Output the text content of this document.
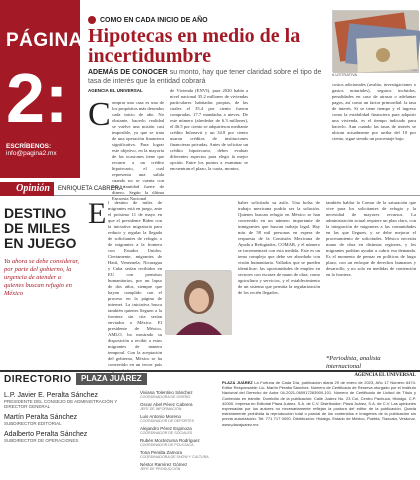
PÁGINA
2:
ESCRÍBENOS: info@pagina2.mx
COMO EN CADA INICIO DE AÑO
Hipotecas en medio de la incertidumbre

ADEMÁS DE CONOCER su monto, hay que tener claridad sobre el tipo de tasa de interés que la entidad cobrará

AGENCIA EL UNIVERSAL
ILUSTRATIVA
C omprar una casa es una de los propósitos más deseados cada inicio de año. No obstante, hacerlo realidad se vuelve una misión casi imposible, ya que se trata de una operación financiera significativa. Para lograr este objetivo, en la mayoría de las ocasiones tiene que recurrir a un crédito hipotecario, el cual representa una salida cuando no se cuenta con una cantidad fuerte de dinero. Según la última Encuesta Nacional

de Vivienda (ENVI), para 2020 había a nivel nacional 35.2 millones de viviendas particulares habitadas propias, de las cuales el 35.4 por ciento fueron compradas, 17.7 mandadas a nieves. De este número (alrededor de 6.3 millones), el 46.5 por ciento se adquirieron mediante crédito Infonavit y un 34.8 por ciento usaron créditos de instituciones financieras privadas. Antes de solicitar un crédito hipotecario, debes evaluar diferentes aspectos para elegir la mejor opción. Entre los puntos a examinar se encuentran el plazo, la cuota, montos,

costos adicionales (avalúo, investigaciones o gastos notariales), seguros incluidos, penalidades en caso de atrasar o adelantar pagos, así como un factor primordial: la tasa de interés. Si se tiene tiempo y el ingreso como la estabilidad financiera para adquirir una vivienda, es el tiempo indicado para hacerlo. Aun cuando las tasas de interés se ubican actualmente por arriba del 10 por ciento, sigue siendo un porcentaje bajo.

Opinión	ENRIQUETA CABRERA*
DESTINO DE MILES EN JUEGO

Ya ahora se debe considerar, por parte del gobierno, la urgencia de atender a quienes buscan refugio en México

E l destino de miles de migrantes está en juego, ante el próximo 11 de mayo en que el presidente Biden con la iniciativa migratoria para reducir y regular la llegada de solicitantes de refugio o de migrantes a la frontera con Estados Unidos. Ciertamente, migrantes de Haití, Venezuela, Nicaragua y Cuba serían recibidos en EU con permisos humanitarios, por un lapso de dos años, siempre que hayan cumplido con el proceso en la página de internet. La iniciativa busca también quienes lleguen a la frontera sin cita serían enviados a México. El presidente de México, AMLO, ha mostrado su disposición a recibir a estos migrantes de manera temporal. Con la aceptación del gobierno, México se ha convertido en un tercer país seguro de facto.

haber solicitado su asilo. Una bolsa de trabajo mexicana podría ser la solución. Quienes buscan refugio en México se han convertido en un número importante de inmigrantes que buscan trabajo legal. Hay más de 58 mil personas en espera de respuesta de la Comisión Mexicana de Ayuda a Refugiados, COMAR, y el número se incrementará con esta medida. Este es un tema complejo que debe ser abordado con visión humanitaria. Vallados que se pueden identificar: las oportunidades de empleo en sectores con escasez de mano de obra, como agricultura y servicios, y el establecimiento de un sistema que permita la regularización de los recién llegados.

también hablar la Comar de la saturación que vive para los solicitantes de refugio y la necesidad de mayores recursos. La administración actual requiere un plan claro, con la integración de migrantes a las comunidades en las que lleguen, y se debe mejorar el procesamiento de solicitudes. México necesita mano de obra en distintas regiones, y los migrantes podrían ayudar a cubrir esa demanda. Es el momento de pensar en políticas de largo plazo, con un enfoque de derechos humanos y desarrollo, y no solo en medidas de contención en la frontera.

*Periodista, analista internacional
AGENCIA EL UNIVERSAL
DIRECTORIO	PLAZA JUÁREZ
L.P. Javier E. Peralta Sánchez
PRESIDENTE DEL CONSEJO DE ADMINISTRACIÓN Y DIRECTOR GENERAL
Martín Peralta Sánchez
SUBDIRECTOR EDITORIAL
Adalberto Peralta Sánchez
SUBDIRECTOR DE OPERACIONES
Viviana Tolentino Sánchez
COORDINADORA DE DISEÑO
Oscar Abel Pérez Cabrera
JEFE DE INFORMACIÓN
Luis Antonio Moreno
COORDINADOR DE DEPORTES
Alejandro Pérez Espinoza
COORDINADOR DE SOCIALES
Rubén Moctezuma Rodríguez
COORDINADOR DE POLICIACA
Tona Peralta Zamora
COORDINADORA DE SHOW Y CULTURA
Néstor Ramírez Gómez
JEFE DE PRODUCCIÓN

PLAZA JUÁREZ La Fortuna de Cada Día, publicación diaria 29 de enero de 2023, Año 17 Número 6474. Editor Responsable: Lic. Martín Peralta Sánchez. Número de Certificado de Reserva otorgado por el Instituto Nacional del Derecho de Autor 04-2021-060917263900-101. Número de Certificado de Licitud de Título y Contenido en trámite. Domicilio de la publicación: Calle Juárez No. 23 Col. Centro Pachuca, Hidalgo. C.P. 42000. Impresa en Editorial Plaza Juárez, S.A. de C.V. Distribuidor: Plaza Juárez, S.A. de C.V. Las opiniones expresadas por los autores no necesariamente reflejan la postura del editor de la publicación. Queda estrictamente prohibida la reproducción total o parcial de los contenidos e imágenes de la publicación sin previa autorización. Tel: 771 717 0000. Distribución: Hidalgo, Estado de México, Puebla, Tlaxcala, Veracruz. www.plazajuarez.mx
